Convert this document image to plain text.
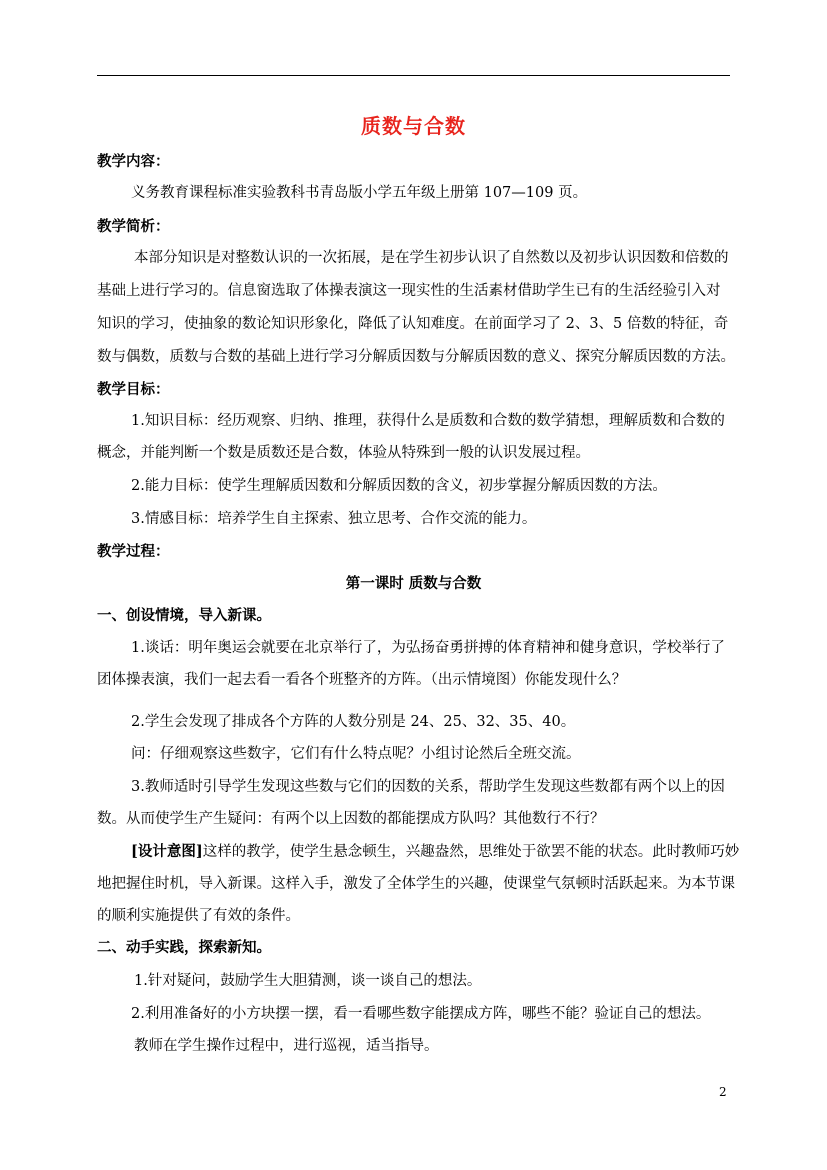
质数与合数
教学内容：
义务教育课程标准实验教科书青岛版小学五年级上册第 107—109 页。
教学简析：
本部分知识是对整数认识的一次拓展，是在学生初步认识了自然数以及初步认识因数和倍数的
基础上进行学习的。信息窗选取了体操表演这一现实性的生活素材借助学生已有的生活经验引入对
知识的学习，使抽象的数论知识形象化，降低了认知难度。在前面学习了 2、3、5 倍数的特征，奇
数与偶数，质数与合数的基础上进行学习分解质因数与分解质因数的意义、探究分解质因数的方法。
教学目标：
1.知识目标：经历观察、归纳、推理，获得什么是质数和合数的数学猜想，理解质数和合数的
概念，并能判断一个数是质数还是合数，体验从特殊到一般的认识发展过程。
2.能力目标：使学生理解质因数和分解质因数的含义，初步掌握分解质因数的方法。
3.情感目标：培养学生自主探索、独立思考、合作交流的能力。
教学过程：
第一课时 质数与合数
一、创设情境，导入新课。
1.谈话：明年奥运会就要在北京举行了，为弘扬奋勇拼搏的体育精神和健身意识，学校举行了
团体操表演，我们一起去看一看各个班整齐的方阵。（出示情境图）你能发现什么？
2.学生会发现了排成各个方阵的人数分别是 24、25、32、35、40。
问：仔细观察这些数字，它们有什么特点呢？小组讨论然后全班交流。
3.教师适时引导学生发现这些数与它们的因数的关系，帮助学生发现这些数都有两个以上的因
数。从而使学生产生疑问：有两个以上因数的都能摆成方队吗？其他数行不行？
[设计意图]这样的教学，使学生悬念顿生，兴趣盎然，思维处于欲罢不能的状态。此时教师巧妙
地把握住时机，导入新课。这样入手，激发了全体学生的兴趣，使课堂气氛顿时活跃起来。为本节课
的顺利实施提供了有效的条件。
二、动手实践，探索新知。
1.针对疑问，鼓励学生大胆猜测，谈一谈自己的想法。
2.利用准备好的小方块摆一摆，看一看哪些数字能摆成方阵，哪些不能？验证自己的想法。
教师在学生操作过程中，进行巡视，适当指导。
2
